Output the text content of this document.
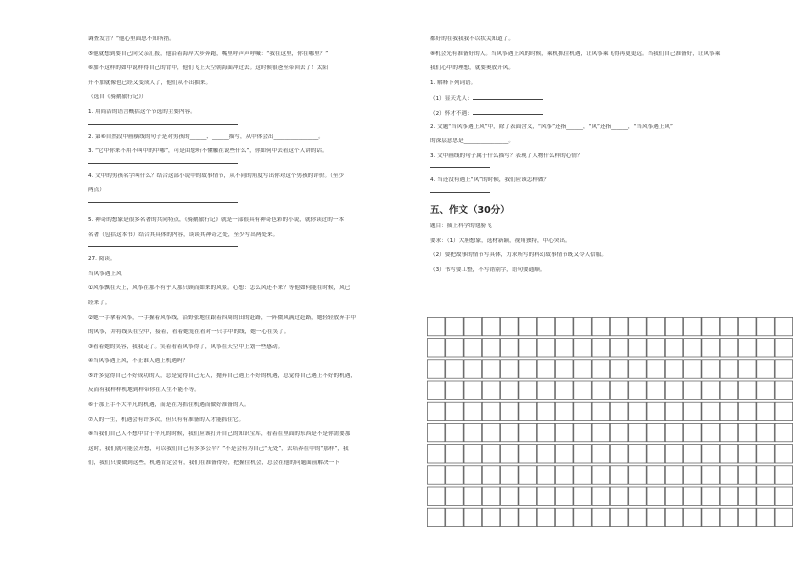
调查发言？”他心里面思不知所措。
⑤他就想到要自己向父亲汇报，他沿着海岸大步奔跑，嘴里呼声声呼喊：“我在这里，你在哪里？”
⑥加不这样的如甲说样得自己的背中，他们飞上天空朝海面冲过去。这时候很爸至带回去了！太阳
升不加就像也已经又变成人了，他们从不出抽来。
（选自《骑鹅旅行记》）
1. 用简洁的语言概括这个节选的主要内容。
2. 第⑥自然段中画横线的句子是对男孩的______、______描写，从中体会出________________。
3. “它中你来不用不叫中的中哪”，可是由您听不懂触在说些什么”，你如何中去看这个人讲的话。
4. 文中的男孩名字叫什么？结合这部小说中的故事情节，从不同的角度写出你对这个男孩的评价。（至少
两点）
5. 神奇的想象是很多名著的共同特点，《骑鹅旅行记》就是一部很具有神奇色彩的小说，就你读过的一本
名著（包括这本书）结合其具体的内容，谈谈其神奇之处，至少写出两处来。
27. 阅读。
当风筝遇上风
①风筝飘在天上，风筝在那不有乎人那只顾而如来的风景。心想：怎么风还不来？等他如何能在时候，风已
经来了。
②她一手拿着风筝，一手握着风筝线，沿野张地往跟着四周的田的赶路，一阵微风满过赶路，她轻轻放弃手中
的风筝，并将线头在空中，接着，看着她笼在看对一只手中的线，她一心在笑了。
③看着她的笑容，我我走了。笑着看着风筝得了，风筝在天空中上划一些感动。
④当风筝遇上风，不止谁人遇上机遇吗？
⑤许多觉得自己不好成功的人，总是觉得自己无人，抛弃自己遇上不好的机遇，总觉得自己遇上不好的机遇，
反而有我样样机地到样带你在人生不能不等。
⑥于那上手不大平凡的机遇，而是在为抓住机遇而做好准备的人。
⑦人的一生，机遇会有许多次，但只有有准备的人才能抓住它。
⑧当我们自己人不想中甘于平凡的时候，我们应该打开自己的知识宝库，看着在里面的东西是不是你需要那
这时，我们就可能会开想，可以我们自己有多多公平？”不是会有为自己“无处”，去培养在中的“那样”，我
们，我们只要做到这些，机遇肯定会有，我们在准备得好，把握住机会，总会在他的问题面前解决一下
都好的在我我我不以状关知道了。
⑧机会光有准备好的人。当风筝遇上风的时候，乘机抓住机遇，让风筝乘飞得再更更远。当我们自己准备好，让风筝乘
我们心中的理想，就要奥放开风。
1. 解释下列词语。
（1）显天尤人：
（2）怀才不遇：
2. 文题“当风筝遇上风”中，除了表面含义，“风筝”还指______，“风”还指______，“当风筝遇上风”
的深层意思是________________。
3. 文中画线的句子属于什么描写？表现了人物什么样的心情？
4. 当还没有遇上“风”的时候，我们应该怎样做？
五、作文（30分）
题目：插上科学的翅膀飞
要求：（1）大胆想象，选材新颖，视角独特，中心突出。
（2）要把故事的情节写具体，力求所写的科幻故事情节既又令人信服。
（3）书写要工整，不写错别字，语句要通顺。
